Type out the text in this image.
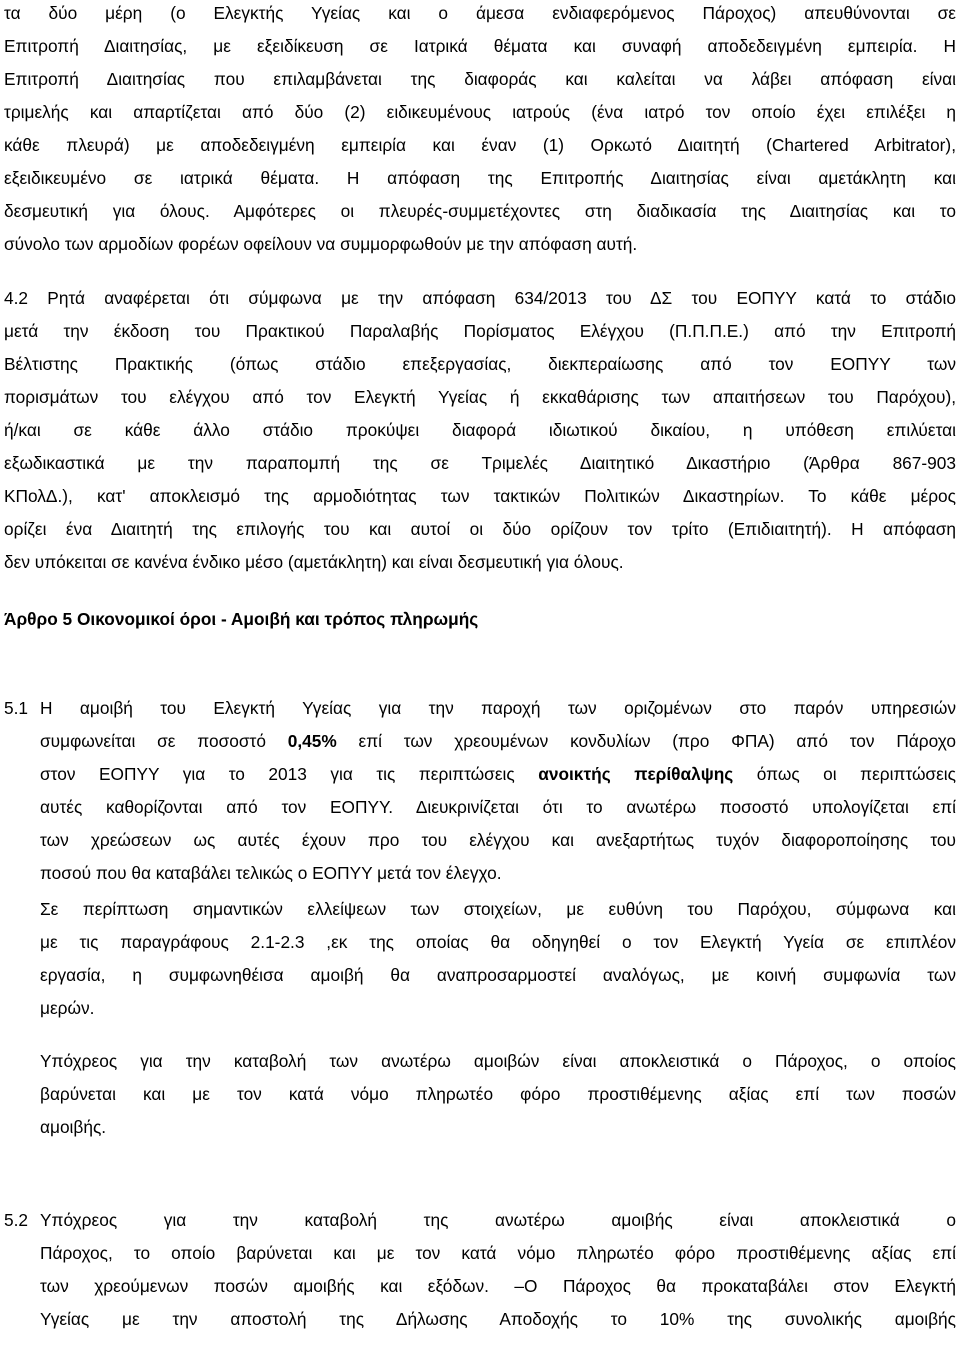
τα δύο μέρη (ο Ελεγκτής Υγείας και ο άμεσα ενδιαφερόμενος Πάροχος) απευθύνονται σε
Επιτροπή Διαιτησίας, με εξειδίκευση σε Ιατρικά θέματα και συναφή αποδεδειγμένη εμπειρία. Η
Επιτροπή Διαιτησίας που επιλαμβάνεται της διαφοράς και καλείται να λάβει απόφαση είναι
τριμελής και απαρτίζεται από δύο (2) ειδικευμένους ιατρούς (ένα ιατρό τον οποίο έχει επιλέξει η
κάθε πλευρά) με αποδεδειγμένη εμπειρία και έναν (1) Ορκωτό Διαιτητή (Chartered Arbitrator),
εξειδικευμένο σε ιατρικά θέματα. Η απόφαση της Επιτροπής Διαιτησίας είναι αμετάκλητη και
δεσμευτική για όλους. Αμφότερες οι πλευρές-συμμετέχοντες στη διαδικασία της Διαιτησίας και το
σύνολο των αρμοδίων φορέων οφείλουν να συμμορφωθούν με την απόφαση αυτή.
4.2 Ρητά αναφέρεται ότι σύμφωνα με την απόφαση 634/2013 του ΔΣ του ΕΟΠΥΥ κατά το στάδιο
μετά την έκδοση του Πρακτικού Παραλαβής Πορίσματος Ελέγχου (Π.Π.Π.Ε.) από την Επιτροπή
Βέλτιστης Πρακτικής (όπως στάδιο επεξεργασίας, διεκπεραίωσης από τον ΕΟΠΥΥ των
πορισμάτων του ελέγχου από τον Ελεγκτή Υγείας ή εκκαθάρισης των απαιτήσεων του Παρόχου),
ή/και σε κάθε άλλο στάδιο προκύψει διαφορά ιδιωτικού δικαίου, η υπόθεση επιλύεται
εξωδικαστικά με την παραπομπή της σε Τριμελές Διαιτητικό Δικαστήριο (Άρθρα 867-903
ΚΠολΔ.), κατ' αποκλεισμό της αρμοδιότητας των τακτικών Πολιτικών Δικαστηρίων. Το κάθε μέρος
ορίζει ένα Διαιτητή της επιλογής του και αυτοί οι δύο ορίζουν τον τρίτο (Επιδιαιτητή). Η απόφαση
δεν υπόκειται σε κανένα ένδικο μέσο (αμετάκλητη) και είναι δεσμευτική για όλους.
Άρθρο 5 Οικονομικοί όροι - Αμοιβή και τρόπος πληρωμής
5.1 Η αμοιβή του Ελεγκτή Υγείας για την παροχή των οριζομένων στο παρόν υπηρεσιών
συμφωνείται σε ποσοστό 0,45% επί των χρεουμένων κονδυλίων (προ ΦΠΑ) από τον Πάροχο
στον ΕΟΠΥΥ για το 2013 για τις περιπτώσεις ανοικτής περίθαλψης όπως οι περιπτώσεις
αυτές καθορίζονται από τον ΕΟΠΥΥ. Διευκρινίζεται ότι το ανωτέρω ποσοστό υπολογίζεται επί
των χρεώσεων ως αυτές έχουν προ του ελέγχου και ανεξαρτήτως τυχόν διαφοροποίησης του
ποσού που θα καταβάλει τελικώς ο ΕΟΠΥΥ μετά τον έλεγχο.
Σε περίπτωση σημαντικών ελλείψεων των στοιχείων, με ευθύνη του Παρόχου, σύμφωνα και
με τις παραγράφους 2.1-2.3 ,εκ της οποίας θα οδηγηθεί ο τον Ελεγκτή Υγεία σε επιπλέον
εργασία, η συμφωνηθέισα αμοιβή θα αναπροσαρμοστεί αναλόγως, με κοινή συμφωνία των
μερών.
Υπόχρεος για την καταβολή των ανωτέρω αμοιβών είναι αποκλειστικά ο Πάροχος, ο οποίος
βαρύνεται και με τον κατά νόμο πληρωτέο φόρο προστιθέμενης αξίας επί των ποσών
αμοιβής.
5.2 Υπόχρεος για την καταβολή της ανωτέρω αμοιβής είναι αποκλειστικά ο
Πάροχος, το οποίο βαρύνεται και με τον κατά νόμο πληρωτέο φόρο προστιθέμενης αξίας επί
των χρεούμενων ποσών αμοιβής και εξόδων. –Ο Πάροχος θα προκαταβάλει στον Ελεγκτή
Υγείας με την αποστολή της Δήλωσης Αποδοχής το 10% της συνολικής αμοιβής
